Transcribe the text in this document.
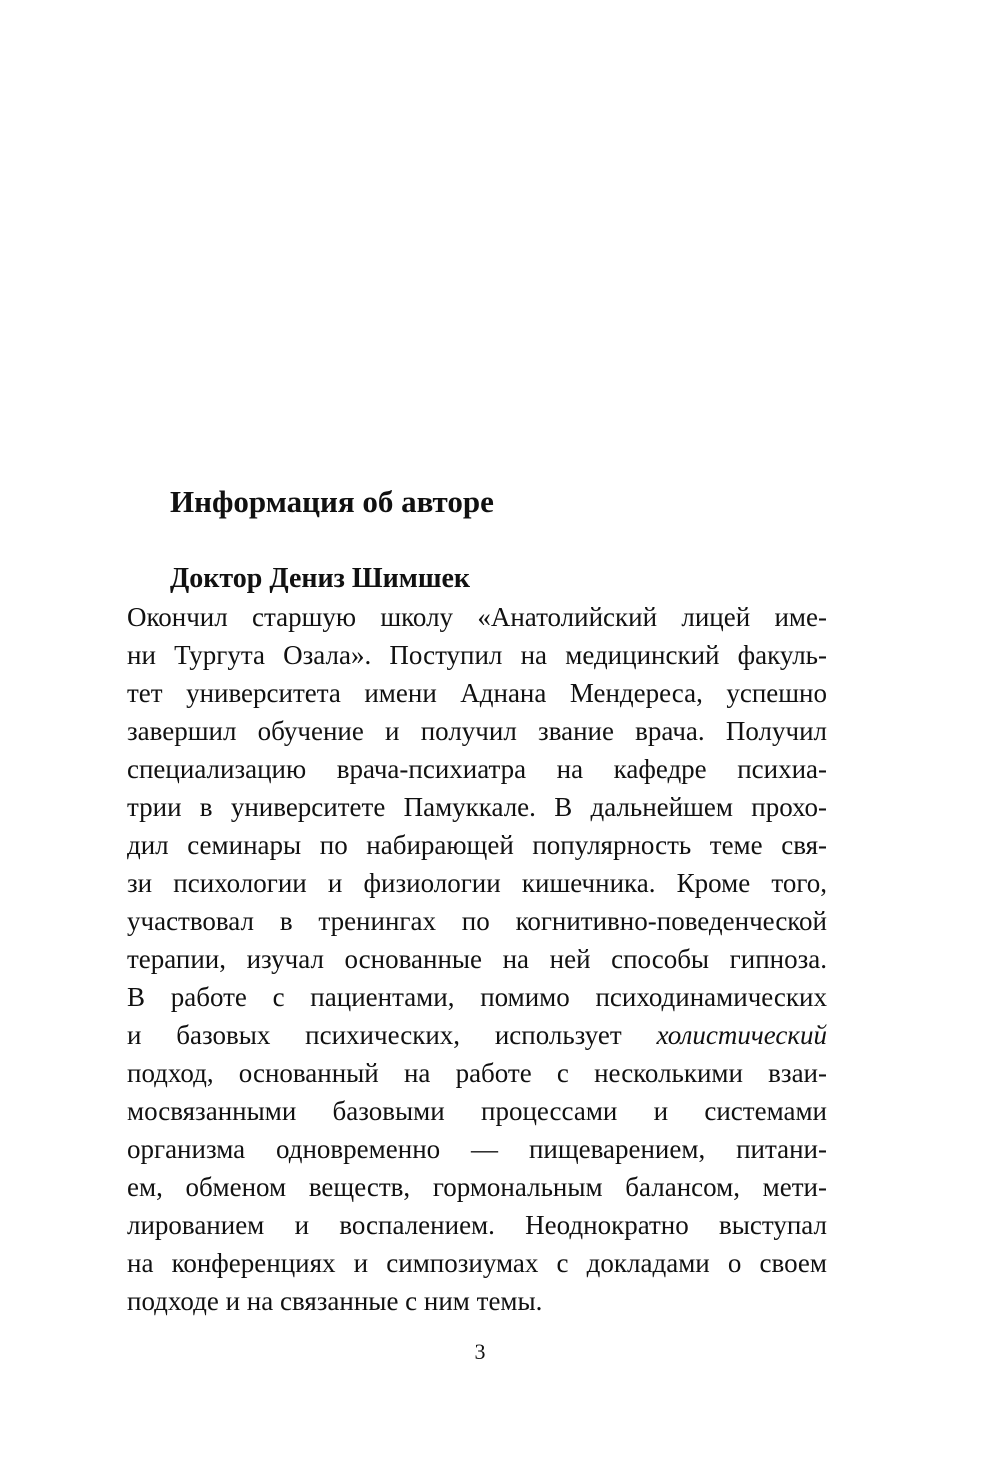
Информация об авторе
Доктор Дениз Шимшек
Окончил старшую школу «Анатолийский лицей име-
ни Тургута Озала». Поступил на медицинский факуль-
тет университета имени Аднана Мендереса, успешно
завершил обучение и получил звание врача. Получил
специализацию врача-психиатра на кафедре психиа-
трии в университете Памуккале. В дальнейшем прохо-
дил семинары по набирающей популярность теме свя-
зи психологии и физиологии кишечника. Кроме того,
участвовал в тренингах по когнитивно-поведенческой
терапии, изучал основанные на ней способы гипноза.
В работе с пациентами, помимо психодинамических
и базовых психических, использует холистический
подход, основанный на работе с несколькими взаи-
мосвязанными базовыми процессами и системами
организма одновременно — пищеварением, питани-
ем, обменом веществ, гормональным балансом, мети-
лированием и воспалением. Неоднократно выступал
на конференциях и симпозиумах с докладами о своем
подходе и на связанные с ним темы.
3
